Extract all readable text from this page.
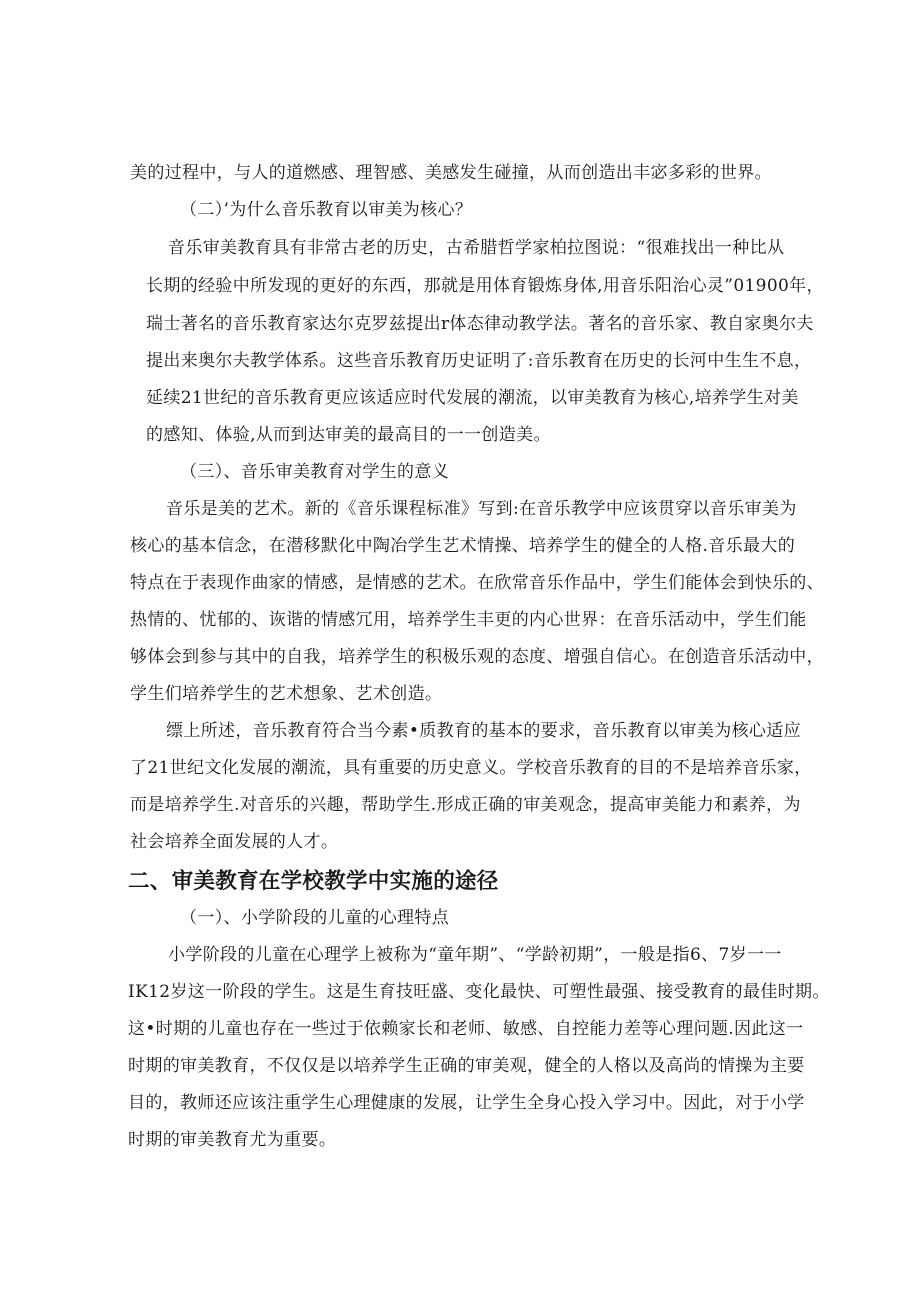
美的过程中，与人的道燃感、理智感、美感发生碰撞，从而创造出丰宓多彩的世界。
（二）’为什么音乐教育以审美为核心？
音乐审美教育具有非常古老的历史，古希腊哲学家柏拉图说：“很难找出一种比从
长期的经验中所发现的更好的东西，那就是用体育锻炼身体,用音乐阳治心灵”01900年，
瑞士著名的音乐教育家达尔克罗兹提出r体态律动教学法。著名的音乐家、教自家奥尔夫
提出来奥尔夫教学体系。这些音乐教育历史证明了:音乐教育在历史的长河中生生不息，
延续21世纪的音乐教育更应该适应时代发展的潮流，以审美教育为核心,培养学生对美
的感知、体验,从而到达审美的最高目的一一创造美。
（三）、音乐审美教育对学生的意义
音乐是美的艺术。新的《音乐课程标准》写到:在音乐教学中应该贯穿以音乐审美为
核心的基本信念，在潜移默化中陶冶学生艺术情操、培养学生的健全的人格.音乐最大的
特点在于表现作曲家的情感，是情感的艺术。在欣常音乐作品中，学生们能体会到快乐的、
热情的、忧郁的、诙谐的情感冗用，培养学生丰更的内心世界：在音乐活动中，学生们能
够体会到参与其中的自我，培养学生的积极乐观的态度、增强自信心。在创造音乐活动中，
学生们培养学生的艺术想象、艺术创造。
缥上所述，音乐教育符合当今素•质教育的基本的要求，音乐教育以审美为核心适应
了21世纪文化发展的潮流，具有重要的历史意义。学校音乐教育的目的不是培养音乐家，
而是培养学生.对音乐的兴趣，帮助学生.形成正确的审美观念，提高审美能力和素养，为
社会培养全面发展的人才。
二、审美教育在学校教学中实施的途径
（一）、小学阶段的儿童的心理特点
小学阶段的儿童在心理学上被称为“童年期”、“学龄初期”，一般是指6、7岁一一
IK12岁这一阶段的学生。这是生育技旺盛、变化最快、可塑性最强、接受教育的最佳时期。
这•时期的儿童也存在一些过于依赖家长和老师、敏感、自控能力差等心理问题.因此这一
时期的审美教育，不仅仅是以培养学生正确的审美观，健全的人格以及高尚的情操为主要
目的，教师还应该注重学生心理健康的发展，让学生全身心投入学习中。因此，对于小学
时期的审美教育尤为重要。
